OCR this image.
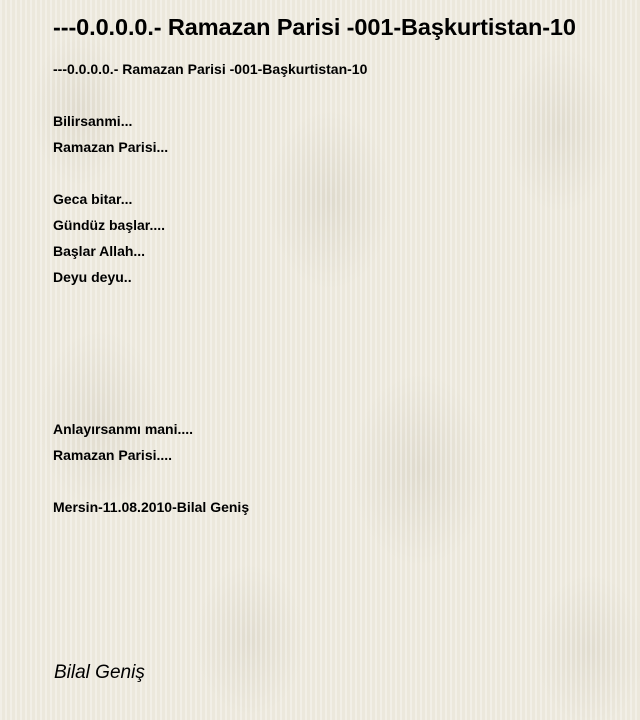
---0.0.0.0.- Ramazan Parisi -001-Başkurtistan-10
---0.0.0.0.- Ramazan Parisi -001-Başkurtistan-10
Bilirsanmi...
Ramazan Parisi...
Geca bitar...
Gündüz başlar....
Başlar Allah...
Deyu deyu..
Anlayırsanmı mani....
Ramazan Parisi....
Mersin-11.08.2010-Bilal Geniş
Bilal Geniş
